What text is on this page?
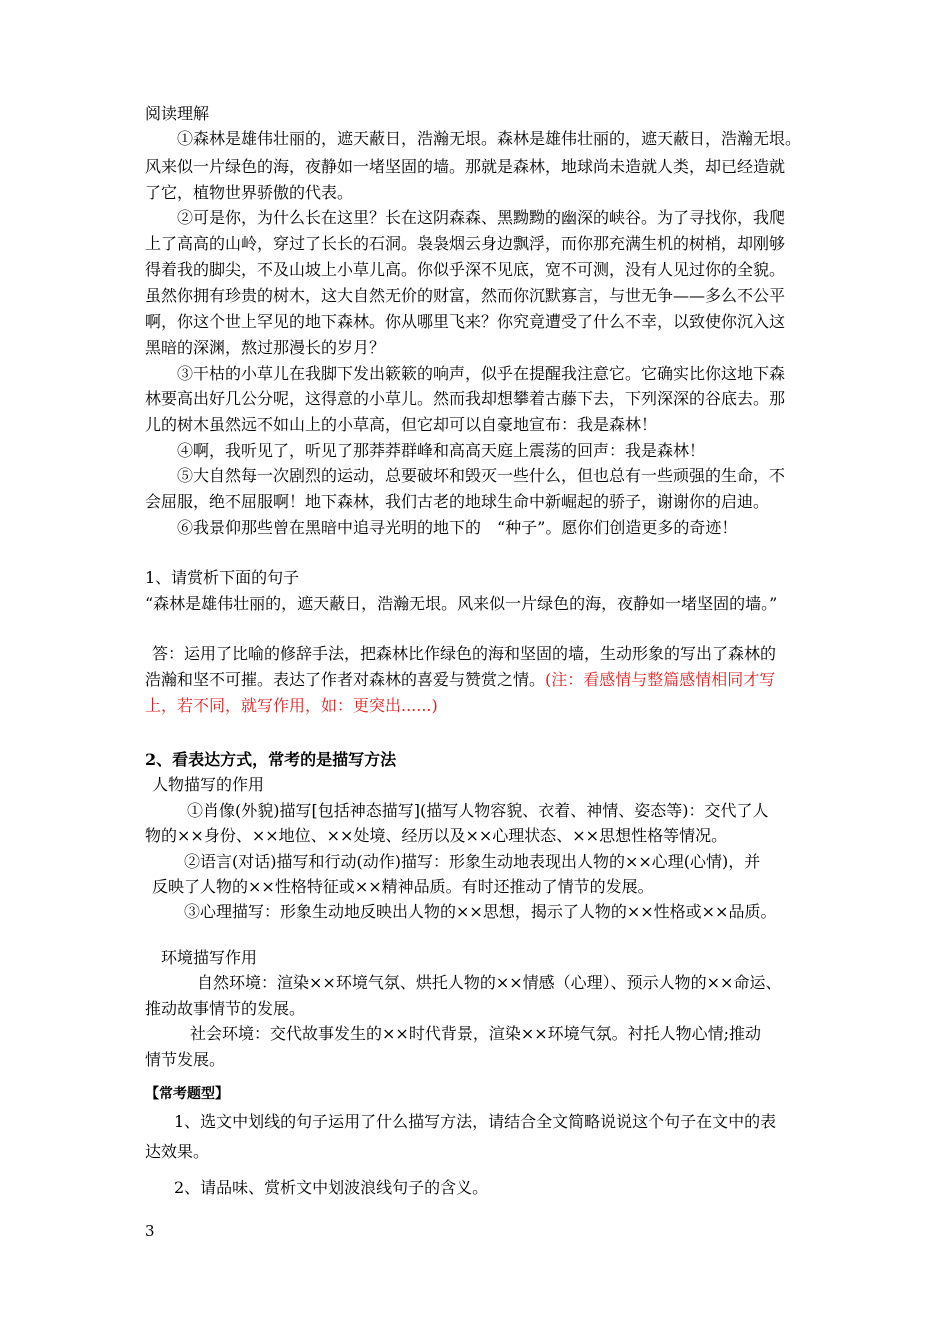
阅读理解
①森林是雄伟壮丽的，遮天蔽日，浩瀚无垠。森林是雄伟壮丽的，遮天蔽日，浩瀚无垠。
风来似一片绿色的海，夜静如一堵坚固的墙。那就是森林，地球尚未造就人类，却已经造就
了它，植物世界骄傲的代表。
②可是你，为什么长在这里？长在这阴森森、黑黝黝的幽深的峡谷。为了寻找你，我爬
上了高高的山岭，穿过了长长的石洞。袅袅烟云身边飘浮，而你那充满生机的树梢，却刚够
得着我的脚尖，不及山坡上小草儿高。你似乎深不见底，宽不可测，没有人见过你的全貌。
虽然你拥有珍贵的树木，这大自然无价的财富，然而你沉默寡言，与世无争——多么不公平
啊，你这个世上罕见的地下森林。你从哪里飞来？你究竟遭受了什么不幸，以致使你沉入这
黑暗的深渊，熬过那漫长的岁月？
③干枯的小草儿在我脚下发出簌簌的响声，似乎在提醒我注意它。它确实比你这地下森
林要高出好几公分呢，这得意的小草儿。然而我却想攀着古藤下去，下列深深的谷底去。那
儿的树木虽然远不如山上的小草高，但它却可以自豪地宣布：我是森林！
④啊，我听见了，听见了那莽莽群峰和高高天庭上震荡的回声：我是森林！
⑤大自然每一次剧烈的运动，总要破坏和毁灭一些什么，但也总有一些顽强的生命，不
会屈服，绝不屈服啊！地下森林，我们古老的地球生命中新崛起的骄子，谢谢你的启迪。
⑥我景仰那些曾在黑暗中追寻光明的地下的　“种子”。愿你们创造更多的奇迹！
1、请赏析下面的句子
“森林是雄伟壮丽的，遮天蔽日，浩瀚无垠。风来似一片绿色的海，夜静如一堵坚固的墙。”
答：运用了比喻的修辞手法，把森林比作绿色的海和坚固的墙，生动形象的写出了森林的
浩瀚和坚不可摧。表达了作者对森林的喜爱与赞赏之情。(注：看感情与整篇感情相同才写
上，若不同，就写作用，如：更突出......)
2、看表达方式，常考的是描写方法
人物描写的作用
①肖像(外貌)描写[包括神态描写](描写人物容貌、衣着、神情、姿态等)：交代了人
物的××身份、××地位、××处境、经历以及××心理状态、××思想性格等情况。
②语言(对话)描写和行动(动作)描写：形象生动地表现出人物的××心理(心情)，并
反映了人物的××性格特征或××精神品质。有时还推动了情节的发展。
③心理描写：形象生动地反映出人物的××思想，揭示了人物的××性格或××品质。
环境描写作用
自然环境：渲染××环境气氛、烘托人物的××情感（心理）、预示人物的××命运、
推动故事情节的发展。
社会环境：交代故事发生的××时代背景，渲染××环境气氛。衬托人物心情;推动
情节发展。
【常考题型】
1、选文中划线的句子运用了什么描写方法，请结合全文简略说说这个句子在文中的表
达效果。
2、请品味、赏析文中划波浪线句子的含义。
3
